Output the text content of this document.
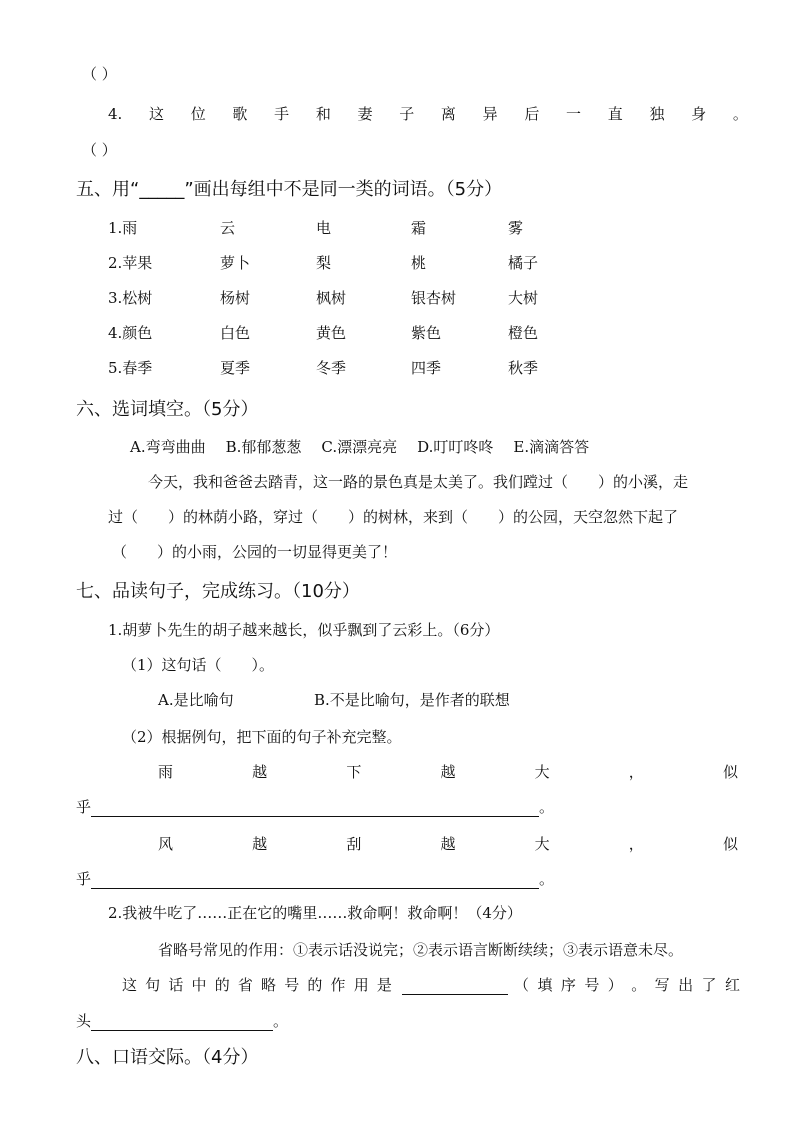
（ ）
4. 这 位 歌 手 和 妻 子 离 异 后 一 直 独 身 。
（ ）
五、用“_____”画出每组中不是同一类的词语。（5分）
1.雨	云	电	霜	雾
2.苹果	萝卜	梨	桃	橘子
3.松树	杨树	枫树	银杏树	大树
4.颜色	白色	黄色	紫色	橙色
5.春季	夏季	冬季	四季	秋季
六、选词填空。（5分）
A.弯弯曲曲 B.郁郁葱葱 C.漂漂亮亮 D.叮叮咚咚 E.滴滴答答
今天，我和爸爸去踏青，这一路的景色真是太美了。我们蹚过（　　）的小溪，走
过（　　）的林荫小路，穿过（　　）的树林，来到（　　）的公园，天空忽然下起了
（　　）的小雨，公园的一切显得更美了！
七、品读句子，完成练习。（10分）
1.胡萝卜先生的胡子越来越长，似乎飘到了云彩上。（6分）
（1）这句话（　　）。
A.是比喻句	B.不是比喻句，是作者的联想
（2）根据例句，把下面的句子补充完整。
雨	越	下	越	大	，	似
乎	。
风	越	刮	越	大	，	似
乎	。
2.我被牛吃了……正在它的嘴里……救命啊！救命啊！（4分）
省略号常见的作用：①表示话没说完；②表示语言断断续续；③表示语意未尽。
这 句 话 中 的 省 略 号 的 作 用 是	（ 填 序 号 ） 。 写 出 了 红
头	。
八、口语交际。（4分）
